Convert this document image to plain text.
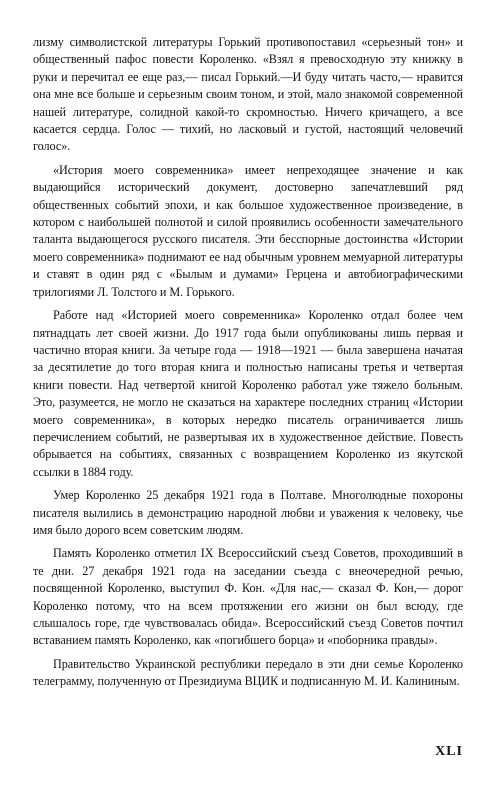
лизму символистской литературы Горький противопоставил «серьезный тон» и общественный пафос повести Короленко. «Взял я превосходную эту книжку в руки и перечитал ее еще раз,— писал Горький.—И буду читать часто,— нравится она мне все больше и серьезным своим тоном, и этой, мало знакомой современной нашей литературе, солидной какой-то скромностью. Ничего кричащего, а все касается сердца. Голос — тихий, но ласковый и густой, настоящий человечий голос».

«История моего современника» имеет непреходящее значение и как выдающийся исторический документ, достоверно запечатлевший ряд общественных событий эпохи, и как большое художественное произведение, в котором с наибольшей полнотой и силой проявились особенности замечательного таланта выдающегося русского писателя. Эти бесспорные достоинства «Истории моего современника» поднимают ее над обычным уровнем мемуарной литературы и ставят в один ряд с «Былым и думами» Герцена и автобиографическими трилогиями Л. Толстого и М. Горького.

Работе над «Историей моего современника» Короленко отдал более чем пятнадцать лет своей жизни. До 1917 года были опубликованы лишь первая и частично вторая книги. За четыре года — 1918—1921 — была завершена начатая за десятилетие до того вторая книга и полностью написаны третья и четвертая книги повести. Над четвертой книгой Короленко работал уже тяжело больным. Это, разумеется, не могло не сказаться на характере последних страниц «Истории моего современника», в которых нередко писатель ограничивается лишь перечислением событий, не развертывая их в художественное действие. Повесть обрывается на событиях, связанных с возвращением Короленко из якутской ссылки в 1884 году.

Умер Короленко 25 декабря 1921 года в Полтаве. Многолюдные похороны писателя вылились в демонстрацию народной любви и уважения к человеку, чье имя было дорого всем советским людям.

Память Короленко отметил IX Всероссийский съезд Советов, проходивший в те дни. 27 декабря 1921 года на заседании съезда с внеочередной речью, посвященной Короленко, выступил Ф. Кон. «Для нас,— сказал Ф. Кон,— дорог Короленко потому, что на всем протяжении его жизни он был всюду, где слышалось горе, где чувствовалась обида». Всероссийский съезд Советов почтил вставанием память Короленко, как «погибшего борца» и «поборника правды».

Правительство Украинской республики передало в эти дни семье Короленко телеграмму, полученную от Президиума ВЦИК и подписанную М. И. Калининым.

XLI
